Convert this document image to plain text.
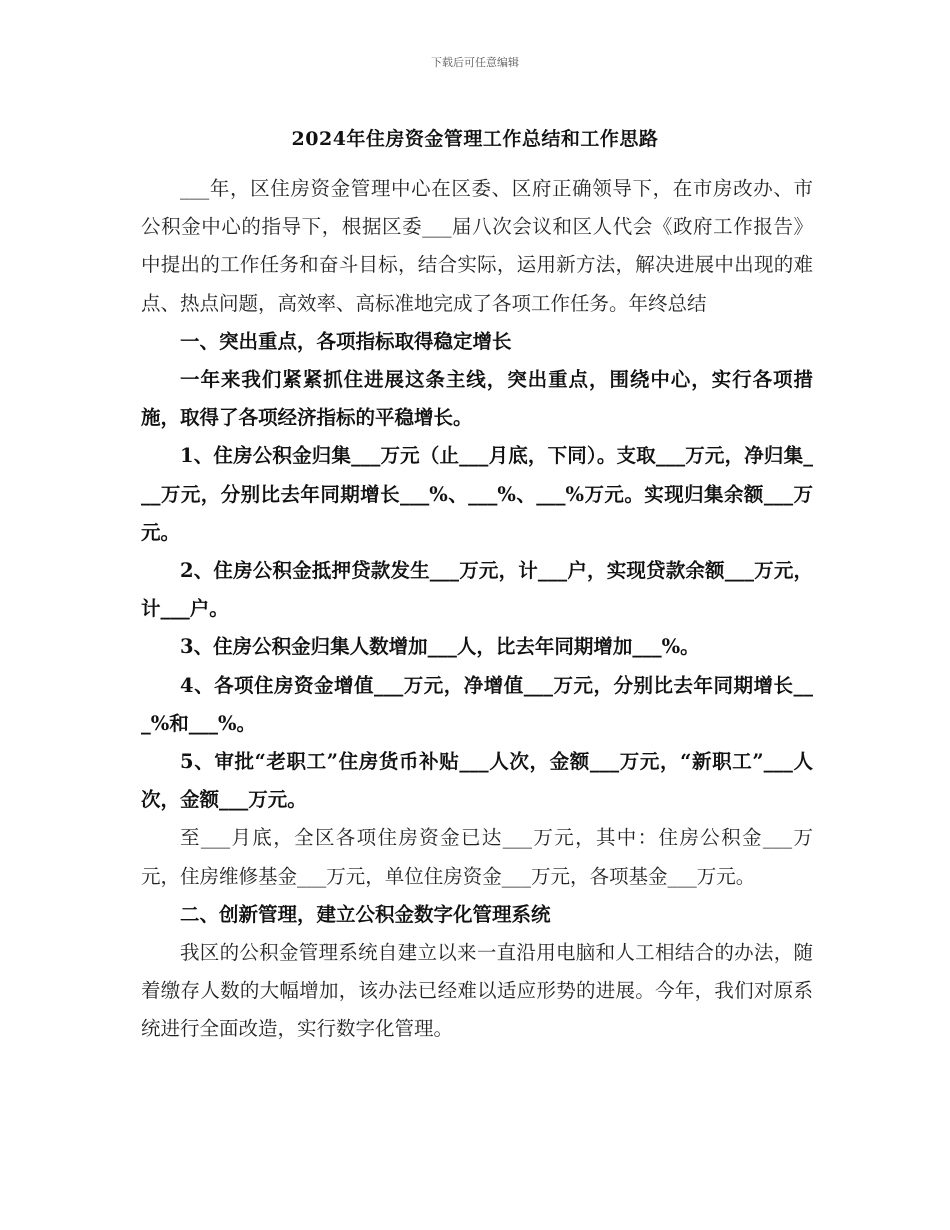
下载后可任意编辑
2024年住房资金管理工作总结和工作思路

___年，区住房资金管理中心在区委、区府正确领导下，在市房改办、市公积金中心的指导下，根据区委___届八次会议和区人代会《政府工作报告》中提出的工作任务和奋斗目标，结合实际，运用新方法，解决进展中出现的难点、热点问题，高效率、高标准地完成了各项工作任务。年终总结

一、突出重点，各项指标取得稳定增长

一年来我们紧紧抓住进展这条主线，突出重点，围绕中心，实行各项措施，取得了各项经济指标的平稳增长。

1、住房公积金归集___万元（止___月底，下同）。支取___万元，净归集___万元，分别比去年同期增长___%、___%、___%万元。实现归集余额___万元。

2、住房公积金抵押贷款发生___万元，计___户，实现贷款余额___万元，计___户。

3、住房公积金归集人数增加___人，比去年同期增加___%。

4、各项住房资金增值___万元，净增值___万元，分别比去年同期增长___%和___%。

5、审批“老职工”住房货币补贴___人次，金额___万元，“新职工”___人次，金额___万元。

至___月底，全区各项住房资金已达___万元，其中：住房公积金___万元，住房维修基金___万元，单位住房资金___万元，各项基金___万元。

二、创新管理，建立公积金数字化管理系统

我区的公积金管理系统自建立以来一直沿用电脑和人工相结合的办法，随着缴存人数的大幅增加，该办法已经难以适应形势的进展。今年，我们对原系统进行全面改造，实行数字化管理。
